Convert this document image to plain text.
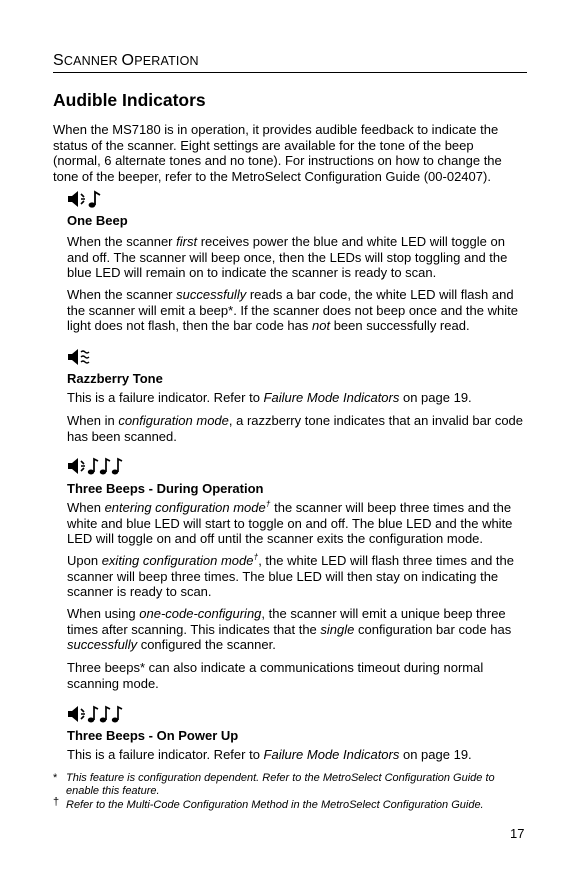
SCANNER OPERATION
Audible Indicators
When the MS7180 is in operation, it provides audible feedback to indicate the status of the scanner. Eight settings are available for the tone of the beep (normal, 6 alternate tones and no tone). For instructions on how to change the tone of the beeper, refer to the MetroSelect Configuration Guide (00-02407).
One Beep
When the scanner first receives power the blue and white LED will toggle on and off. The scanner will beep once, then the LEDs will stop toggling and the blue LED will remain on to indicate the scanner is ready to scan.
When the scanner successfully reads a bar code, the white LED will flash and the scanner will emit a beep*. If the scanner does not beep once and the white light does not flash, then the bar code has not been successfully read.
Razzberry Tone
This is a failure indicator. Refer to Failure Mode Indicators on page 19.
When in configuration mode, a razzberry tone indicates that an invalid bar code has been scanned.
Three Beeps - During Operation
When entering configuration mode† the scanner will beep three times and the white and blue LED will start to toggle on and off. The blue LED and the white LED will toggle on and off until the scanner exits the configuration mode.
Upon exiting configuration mode†, the white LED will flash three times and the scanner will beep three times. The blue LED will then stay on indicating the scanner is ready to scan.
When using one-code-configuring, the scanner will emit a unique beep three times after scanning. This indicates that the single configuration bar code has successfully configured the scanner.
Three beeps* can also indicate a communications timeout during normal scanning mode.
Three Beeps - On Power Up
This is a failure indicator. Refer to Failure Mode Indicators on page 19.
* This feature is configuration dependent. Refer to the MetroSelect Configuration Guide to enable this feature.
† Refer to the Multi-Code Configuration Method in the MetroSelect Configuration Guide.
17
